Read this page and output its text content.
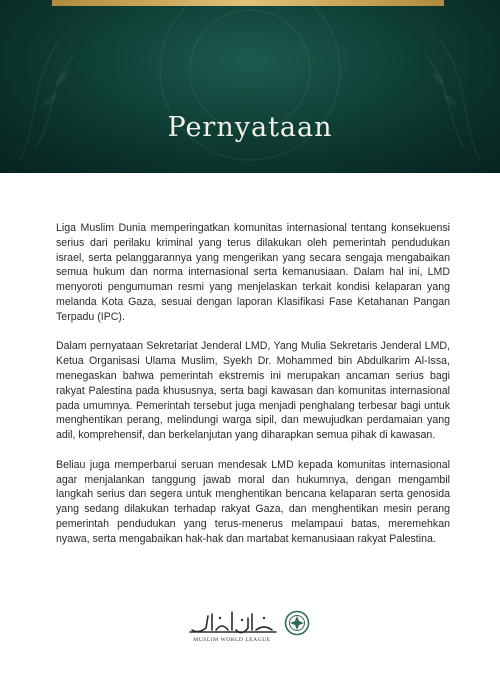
Pernyataan

Liga Muslim Dunia memperingatkan komunitas internasional tentang konsekuensi serius dari perilaku kriminal yang terus dilakukan oleh pemerintah pendudukan israel, serta pelanggarannya yang mengerikan yang secara sengaja mengabaikan semua hukum dan norma internasional serta kemanusiaan. Dalam hal ini, LMD menyoroti pengumuman resmi yang menjelaskan terkait kondisi kelaparan yang melanda Kota Gaza, sesuai dengan laporan Klasifikasi Fase Ketahanan Pangan Terpadu (IPC).

Dalam pernyataan Sekretariat Jenderal LMD, Yang Mulia Sekretaris Jenderal LMD, Ketua Organisasi Ulama Muslim, Syekh Dr. Mohammed bin Abdulkarim Al-Issa, menegaskan bahwa pemerintah ekstremis ini merupakan ancaman serius bagi rakyat Palestina pada khususnya, serta bagi kawasan dan komunitas internasional pada umumnya. Pemerintah tersebut juga menjadi penghalang terbesar bagi untuk menghentikan perang, melindungi warga sipil, dan mewujudkan perdamaian yang adil, komprehensif, dan berkelanjutan yang diharapkan semua pihak di kawasan.

Beliau juga memperbarui seruan mendesak LMD kepada komunitas internasional agar menjalankan tanggung jawab moral dan hukumnya, dengan mengambil langkah serius dan segera untuk menghentikan bencana kelaparan serta genosida yang sedang dilakukan terhadap rakyat Gaza, dan menghentikan mesin perang pemerintah pendudukan yang terus-menerus melampaui batas, meremehkan nyawa, serta mengabaikan hak-hak dan martabat kemanusiaan rakyat Palestina.

MUSLIM WORLD LEAGUE
